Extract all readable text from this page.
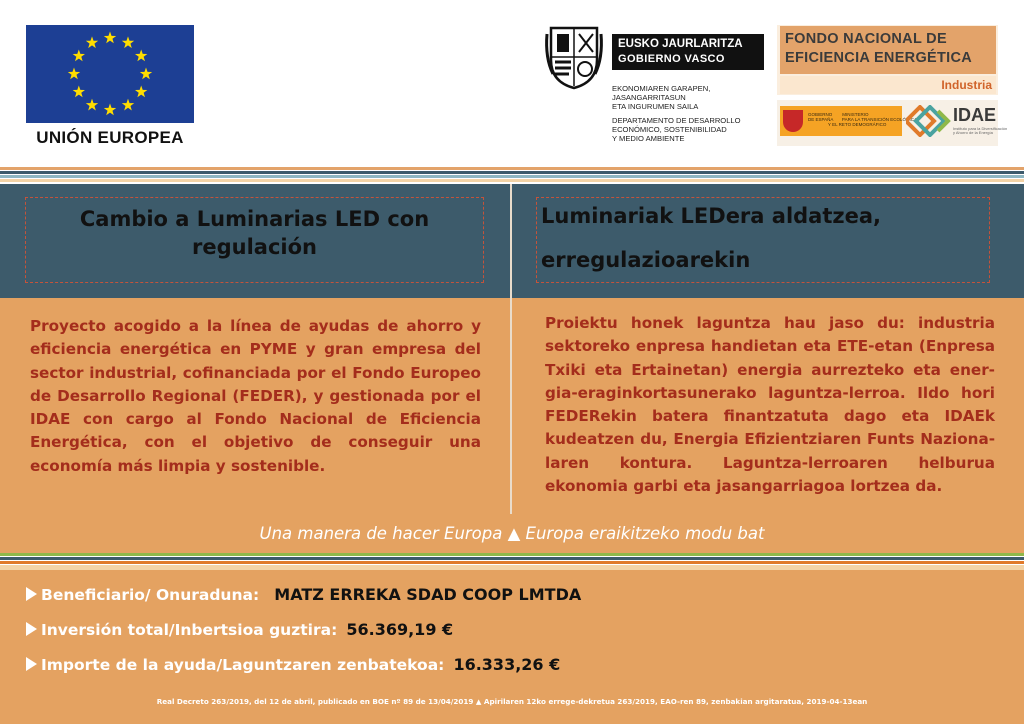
UNIÓN EUROPEA
EUSKO JAURLARITZA
GOBIERNO VASCO
EKONOMIAREN GARAPEN,
JASANGARRITASUN
ETA INGURUMEN SAILA
DEPARTAMENTO DE DESARROLLO
ECONÓMICO, SOSTENIBILIDAD
Y MEDIO AMBIENTE
FONDO NACIONAL DE
EFICIENCIA ENERGÉTICA
Industria
GOBIERNO        MINISTERIO
DE ESPAÑA       PARA LA TRANSICIÓN ECOLÓGICA
Y EL RETO DEMOGRÁFICO	IDAE
Instituto para la Diversificación
y Ahorro de la Energía
Cambio a Luminarias LED con regulación
Luminariak LEDera aldatzea,
erregulazioarekin
Proyecto acogido a la línea de ayudas de ahorro y eficiencia energética en PYME y gran empresa del sector industrial, cofinanciada por el Fondo Europeo de Desarrollo Regional (FEDER), y gestionada por el IDAE con cargo al Fondo Nacional de Eficiencia Energética, con el objetivo de conseguir una economía más limpia y sostenible.
Proiektu honek laguntza hau jaso du: industria sektoreko enpresa handietan eta ETE-etan (Enpresa Txiki eta Ertainetan) energia aurrezteko eta ener-gia-eraginkortasunerako laguntza-lerroa. Ildo hori FEDERekin batera finantzatuta dago eta IDAEk kudeatzen du, Energia Efizientziaren Funts Naziona-laren kontura. Laguntza-lerroaren helburua ekonomia garbi eta jasangarriagoa lortzea da.
Una manera de hacer Europa ▲ Europa eraikitzeko modu bat
Beneficiario/ Onuraduna: MATZ ERREKA SDAD COOP LMTDA
Inversión total/Inbertsioa guztira: 56.369,19 €
Importe de la ayuda/Laguntzaren zenbatekoa: 16.333,26 €
Real Decreto 263/2019, del 12 de abril, publicado en BOE nº 89 de 13/04/2019 ▲ Apirilaren 12ko errege-dekretua 263/2019, EAO-ren 89, zenbakian argitaratua, 2019-04-13ean
